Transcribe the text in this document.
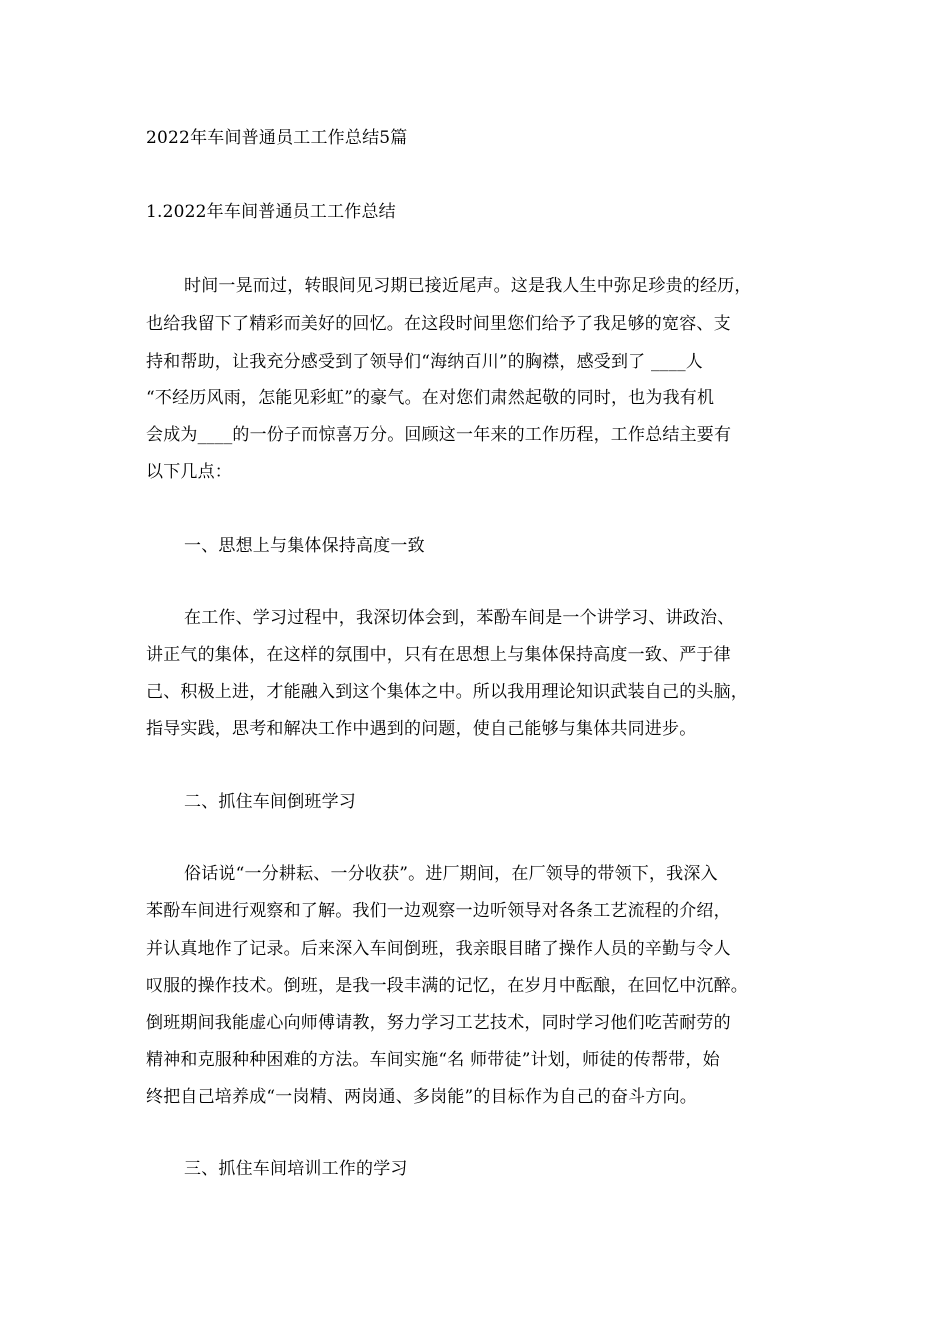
2022年车间普通员工工作总结5篇
1.2022年车间普通员工工作总结
时间一晃而过，转眼间见习期已接近尾声。这是我人生中弥足珍贵的经历，
也给我留下了精彩而美好的回忆。在这段时间里您们给予了我足够的宽容、支
持和帮助，让我充分感受到了领导们“海纳百川”的胸襟，感受到了 ____人
“不经历风雨，怎能见彩虹”的豪气。在对您们肃然起敬的同时，也为我有机
会成为____的一份子而惊喜万分。回顾这一年来的工作历程，工作总结主要有
以下几点：
一、思想上与集体保持高度一致
在工作、学习过程中，我深切体会到，苯酚车间是一个讲学习、讲政治、
讲正气的集体，在这样的氛围中，只有在思想上与集体保持高度一致、严于律
己、积极上进，才能融入到这个集体之中。所以我用理论知识武装自己的头脑，
指导实践，思考和解决工作中遇到的问题，使自己能够与集体共同进步。
二、抓住车间倒班学习
俗话说“一分耕耘、一分收获”。进厂期间，在厂领导的带领下，我深入
苯酚车间进行观察和了解。我们一边观察一边听领导对各条工艺流程的介绍，
并认真地作了记录。后来深入车间倒班，我亲眼目睹了操作人员的辛勤与令人
叹服的操作技术。倒班，是我一段丰满的记忆，在岁月中酝酿，在回忆中沉醉。
倒班期间我能虚心向师傅请教，努力学习工艺技术，同时学习他们吃苦耐劳的
精神和克服种种困难的方法。车间实施“名 师带徒”计划，师徒的传帮带，始
终把自己培养成“一岗精、两岗通、多岗能”的目标作为自己的奋斗方向。
三、抓住车间培训工作的学习
